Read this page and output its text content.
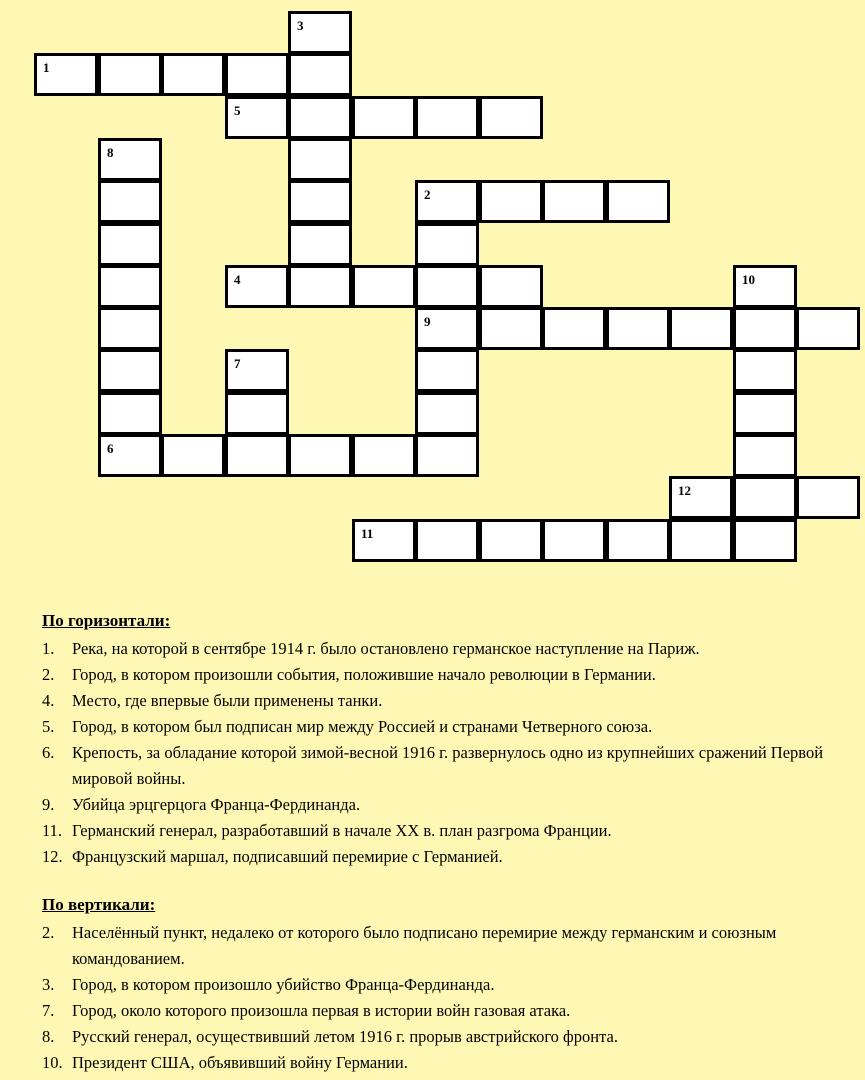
3
1
5
8
2
4	10
9
7
6
12
11

По горизонтали:

1. Река, на которой в сентябре 1914 г. было остановлено германское наступление на Париж.
2. Город, в котором произошли события, положившие начало революции в Германии.
4. Место, где впервые были применены танки.
5. Город, в котором был подписан мир между Россией и странами Четверного союза.
6. Крепость, за обладание которой зимой-весной 1916 г. развернулось одно из крупнейших сражений Первой мировой войны.
9. Убийца эрцгерцога Франца-Фердинанда.
11. Германский генерал, разработавший в начале XX в. план разгрома Франции.
12. Французский маршал, подписавший перемирие с Германией.

По вертикали:

2. Населённый пункт, недалеко от которого было подписано перемирие между германским и союзным командованием.
3. Город, в котором произошло убийство Франца-Фердинанда.
7. Город, около которого произошла первая в истории войн газовая атака.
8. Русский генерал, осуществивший летом 1916 г. прорыв австрийского фронта.
10. Президент США, объявивший войну Германии.
